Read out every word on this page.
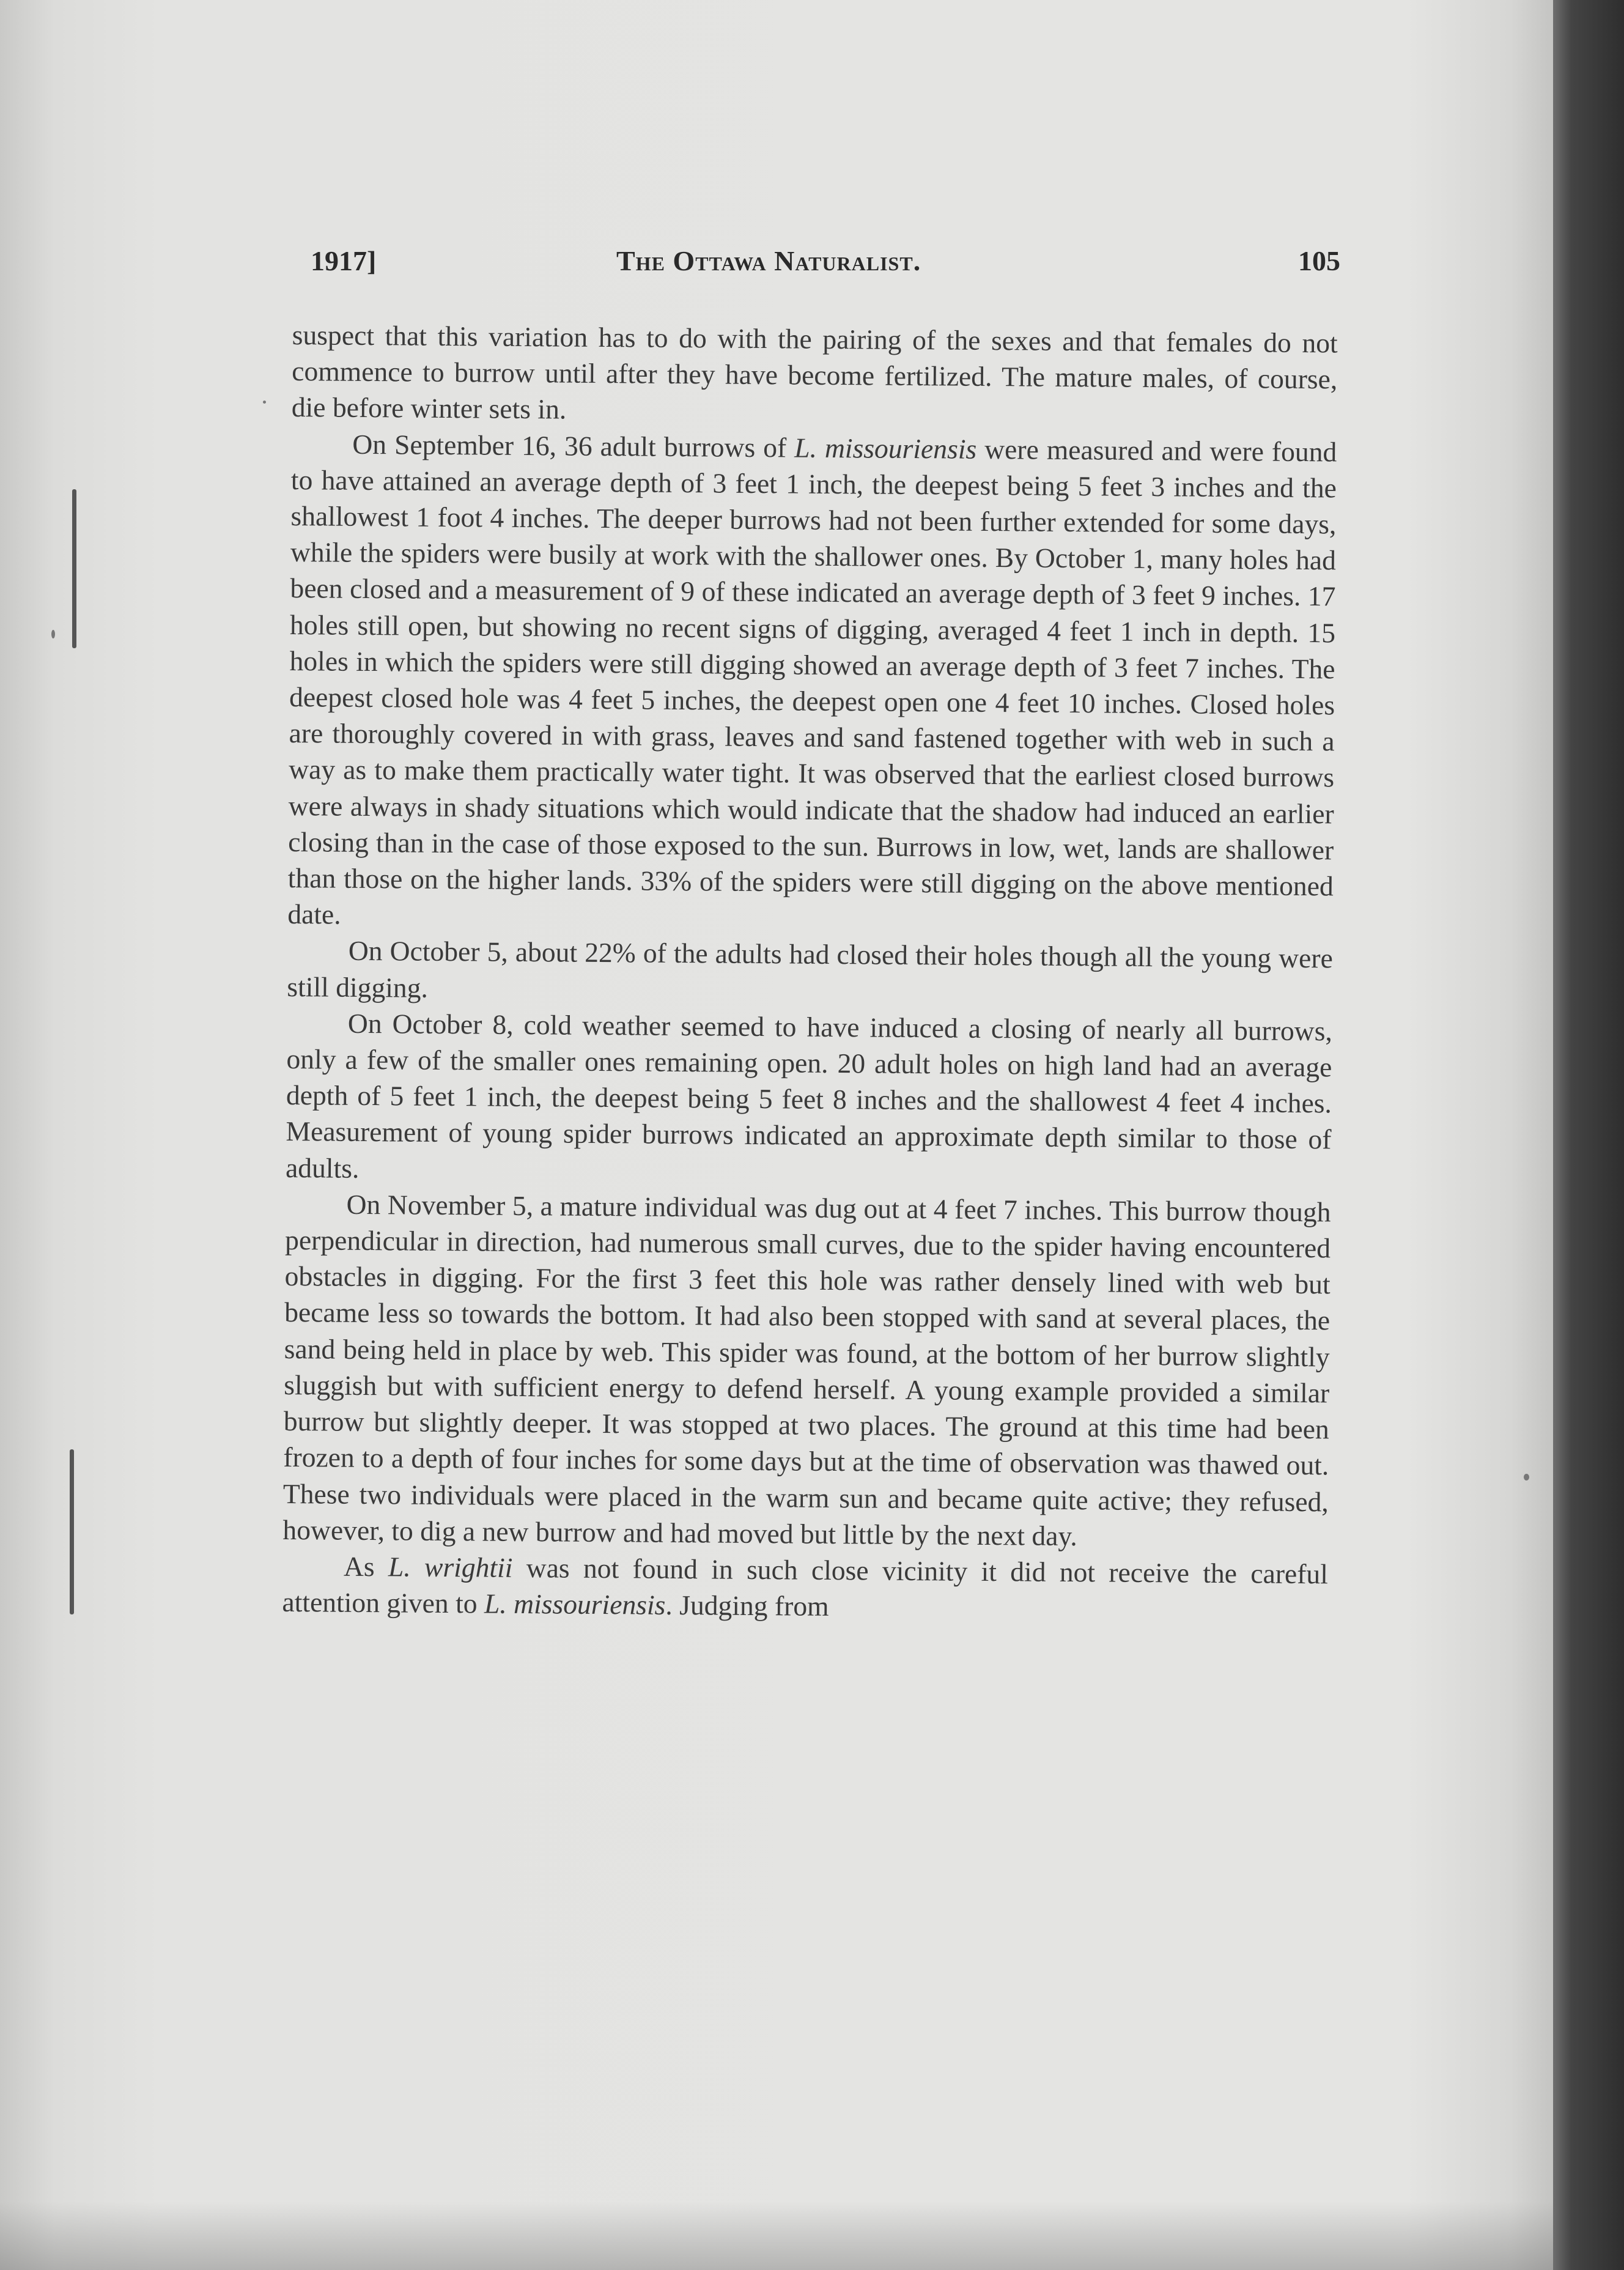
1917]	The Ottawa Naturalist.	105

suspect that this variation has to do with the pairing of the sexes and that females do not commence to burrow until after they have become fertilized. The mature males, of course, die before winter sets in.

On September 16, 36 adult burrows of L. missouriensis were measured and were found to have attained an average depth of 3 feet 1 inch, the deepest being 5 feet 3 inches and the shallowest 1 foot 4 inches. The deeper burrows had not been further extended for some days, while the spiders were busily at work with the shallower ones. By October 1, many holes had been closed and a measurement of 9 of these indicated an average depth of 3 feet 9 inches. 17 holes still open, but showing no recent signs of digging, averaged 4 feet 1 inch in depth. 15 holes in which the spiders were still digging showed an average depth of 3 feet 7 inches. The deepest closed hole was 4 feet 5 inches, the deepest open one 4 feet 10 inches. Closed holes are thoroughly covered in with grass, leaves and sand fastened together with web in such a way as to make them practically water tight. It was observed that the earliest closed burrows were always in shady situations which would indicate that the shadow had induced an earlier closing than in the case of those exposed to the sun. Burrows in low, wet, lands are shallower than those on the higher lands. 33% of the spiders were still digging on the above mentioned date.

On October 5, about 22% of the adults had closed their holes though all the young were still digging.

On October 8, cold weather seemed to have induced a closing of nearly all burrows, only a few of the smaller ones remaining open. 20 adult holes on high land had an average depth of 5 feet 1 inch, the deepest being 5 feet 8 inches and the shallowest 4 feet 4 inches. Measurement of young spider burrows indicated an approximate depth similar to those of adults.

On November 5, a mature individual was dug out at 4 feet 7 inches. This burrow though perpendicular in direction, had numerous small curves, due to the spider having encountered obstacles in digging. For the first 3 feet this hole was rather densely lined with web but became less so towards the bottom. It had also been stopped with sand at several places, the sand being held in place by web. This spider was found, at the bottom of her burrow slightly sluggish but with sufficient energy to defend herself. A young example provided a similar burrow but slightly deeper. It was stopped at two places. The ground at this time had been frozen to a depth of four inches for some days but at the time of observation was thawed out. These two individuals were placed in the warm sun and became quite active; they refused, however, to dig a new burrow and had moved but little by the next day.

As L. wrightii was not found in such close vicinity it did not receive the careful attention given to L. missouriensis. Judging from
